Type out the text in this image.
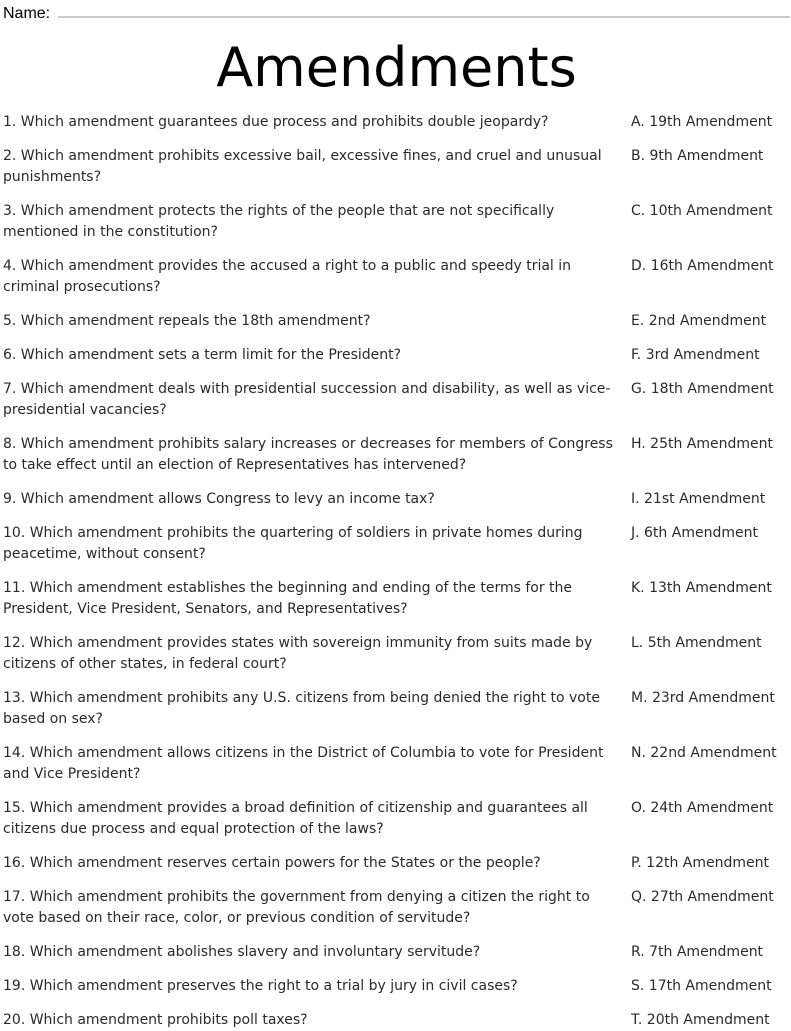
Name:
Amendments
1. Which amendment guarantees due process and prohibits double jeopardy?	A. 19th Amendment
2. Which amendment prohibits excessive bail, excessive fines, and cruel and unusual punishments?
B. 9th Amendment
3. Which amendment protects the rights of the people that are not specifically mentioned in the constitution?
C. 10th Amendment
4. Which amendment provides the accused a right to a public and speedy trial in criminal prosecutions?
D. 16th Amendment
5. Which amendment repeals the 18th amendment?	E. 2nd Amendment
6. Which amendment sets a term limit for the President?	F. 3rd Amendment
7. Which amendment deals with presidential succession and disability, as well as vice-presidential vacancies?
G. 18th Amendment
8. Which amendment prohibits salary increases or decreases for members of Congress to take effect until an election of Representatives has intervened?
H. 25th Amendment
9. Which amendment allows Congress to levy an income tax?	I. 21st Amendment
10. Which amendment prohibits the quartering of soldiers in private homes during peacetime, without consent?
J. 6th Amendment
11. Which amendment establishes the beginning and ending of the terms for the President, Vice President, Senators, and Representatives?
K. 13th Amendment
12. Which amendment provides states with sovereign immunity from suits made by citizens of other states, in federal court?
L. 5th Amendment
13. Which amendment prohibits any U.S. citizens from being denied the right to vote based on sex?
M. 23rd Amendment
14. Which amendment allows citizens in the District of Columbia to vote for President and Vice President?
N. 22nd Amendment
15. Which amendment provides a broad definition of citizenship and guarantees all citizens due process and equal protection of the laws?
O. 24th Amendment
16. Which amendment reserves certain powers for the States or the people?	P. 12th Amendment
17. Which amendment prohibits the government from denying a citizen the right to vote based on their race, color, or previous condition of servitude?
Q. 27th Amendment
18. Which amendment abolishes slavery and involuntary servitude?	R. 7th Amendment
19. Which amendment preserves the right to a trial by jury in civil cases?	S. 17th Amendment
20. Which amendment prohibits poll taxes?	T. 20th Amendment
